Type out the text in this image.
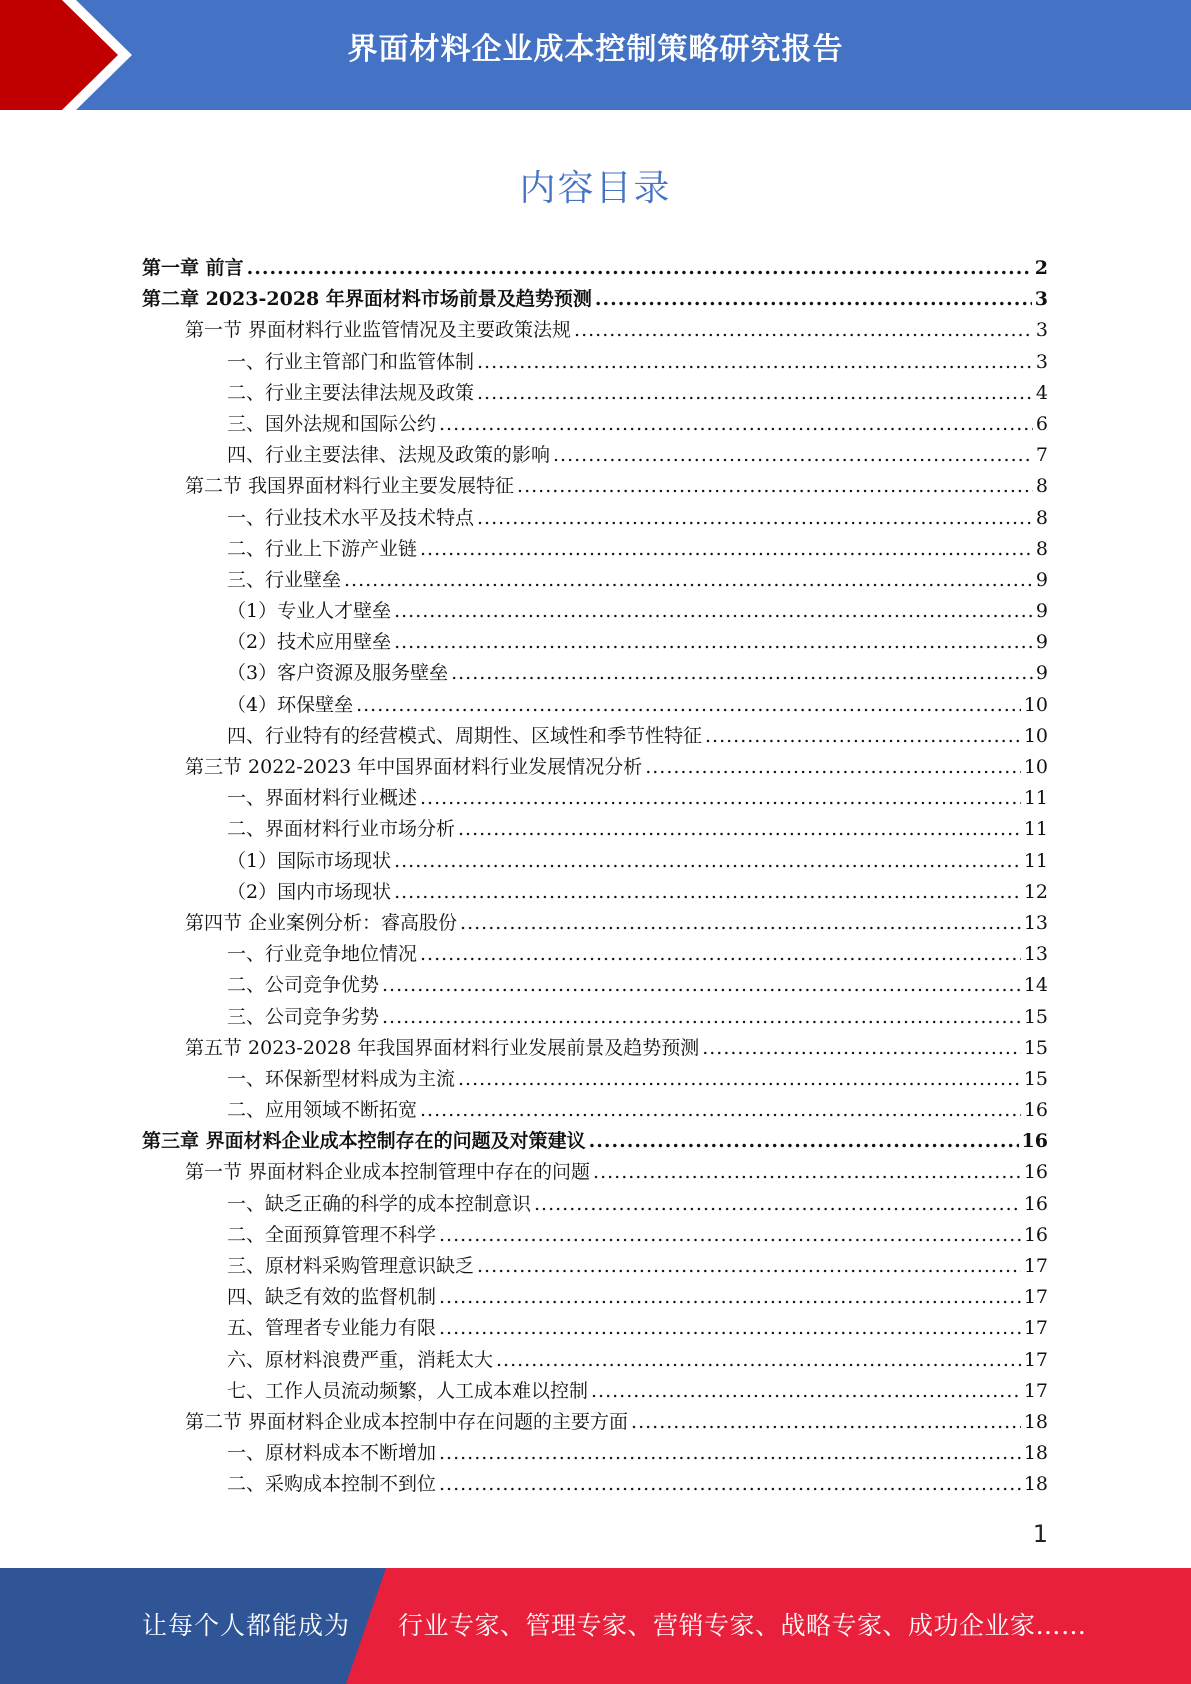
界面材料企业成本控制策略研究报告
内容目录
第一章 前言 .....	2
第二章 2023-2028 年界面材料市场前景及趋势预测 .....	3
第一节 界面材料行业监管情况及主要政策法规 .....	3
一、行业主管部门和监管体制 .....	3
二、行业主要法律法规及政策 .....	4
三、国外法规和国际公约 .....	6
四、行业主要法律、法规及政策的影响 .....	7
第二节 我国界面材料行业主要发展特征 .....	8
一、行业技术水平及技术特点 .....	8
二、行业上下游产业链 .....	8
三、行业壁垒 .....	9
（1）专业人才壁垒 .....	9
（2）技术应用壁垒 .....	9
（3）客户资源及服务壁垒 .....	9
（4）环保壁垒 .....	10
四、行业特有的经营模式、周期性、区域性和季节性特征 .....	10
第三节 2022-2023 年中国界面材料行业发展情况分析 .....	10
一、界面材料行业概述 .....	11
二、界面材料行业市场分析 .....	11
（1）国际市场现状 .....	11
（2）国内市场现状 .....	12
第四节 企业案例分析：睿高股份 .....	13
一、行业竞争地位情况 .....	13
二、公司竞争优势 .....	14
三、公司竞争劣势 .....	15
第五节 2023-2028 年我国界面材料行业发展前景及趋势预测 .....	15
一、环保新型材料成为主流 .....	15
二、应用领域不断拓宽 .....	16
第三章 界面材料企业成本控制存在的问题及对策建议 .....	16
第一节 界面材料企业成本控制管理中存在的问题 .....	16
一、缺乏正确的科学的成本控制意识 .....	16
二、全面预算管理不科学 .....	16
三、原材料采购管理意识缺乏 .....	17
四、缺乏有效的监督机制 .....	17
五、管理者专业能力有限 .....	17
六、原材料浪费严重，消耗太大 .....	17
七、工作人员流动频繁，人工成本难以控制 .....	17
第二节 界面材料企业成本控制中存在问题的主要方面 .....	18
一、原材料成本不断增加 .....	18
二、采购成本控制不到位 .....	18
1
让每个人都能成为 行业专家、管理专家、营销专家、战略专家、成功企业家……
